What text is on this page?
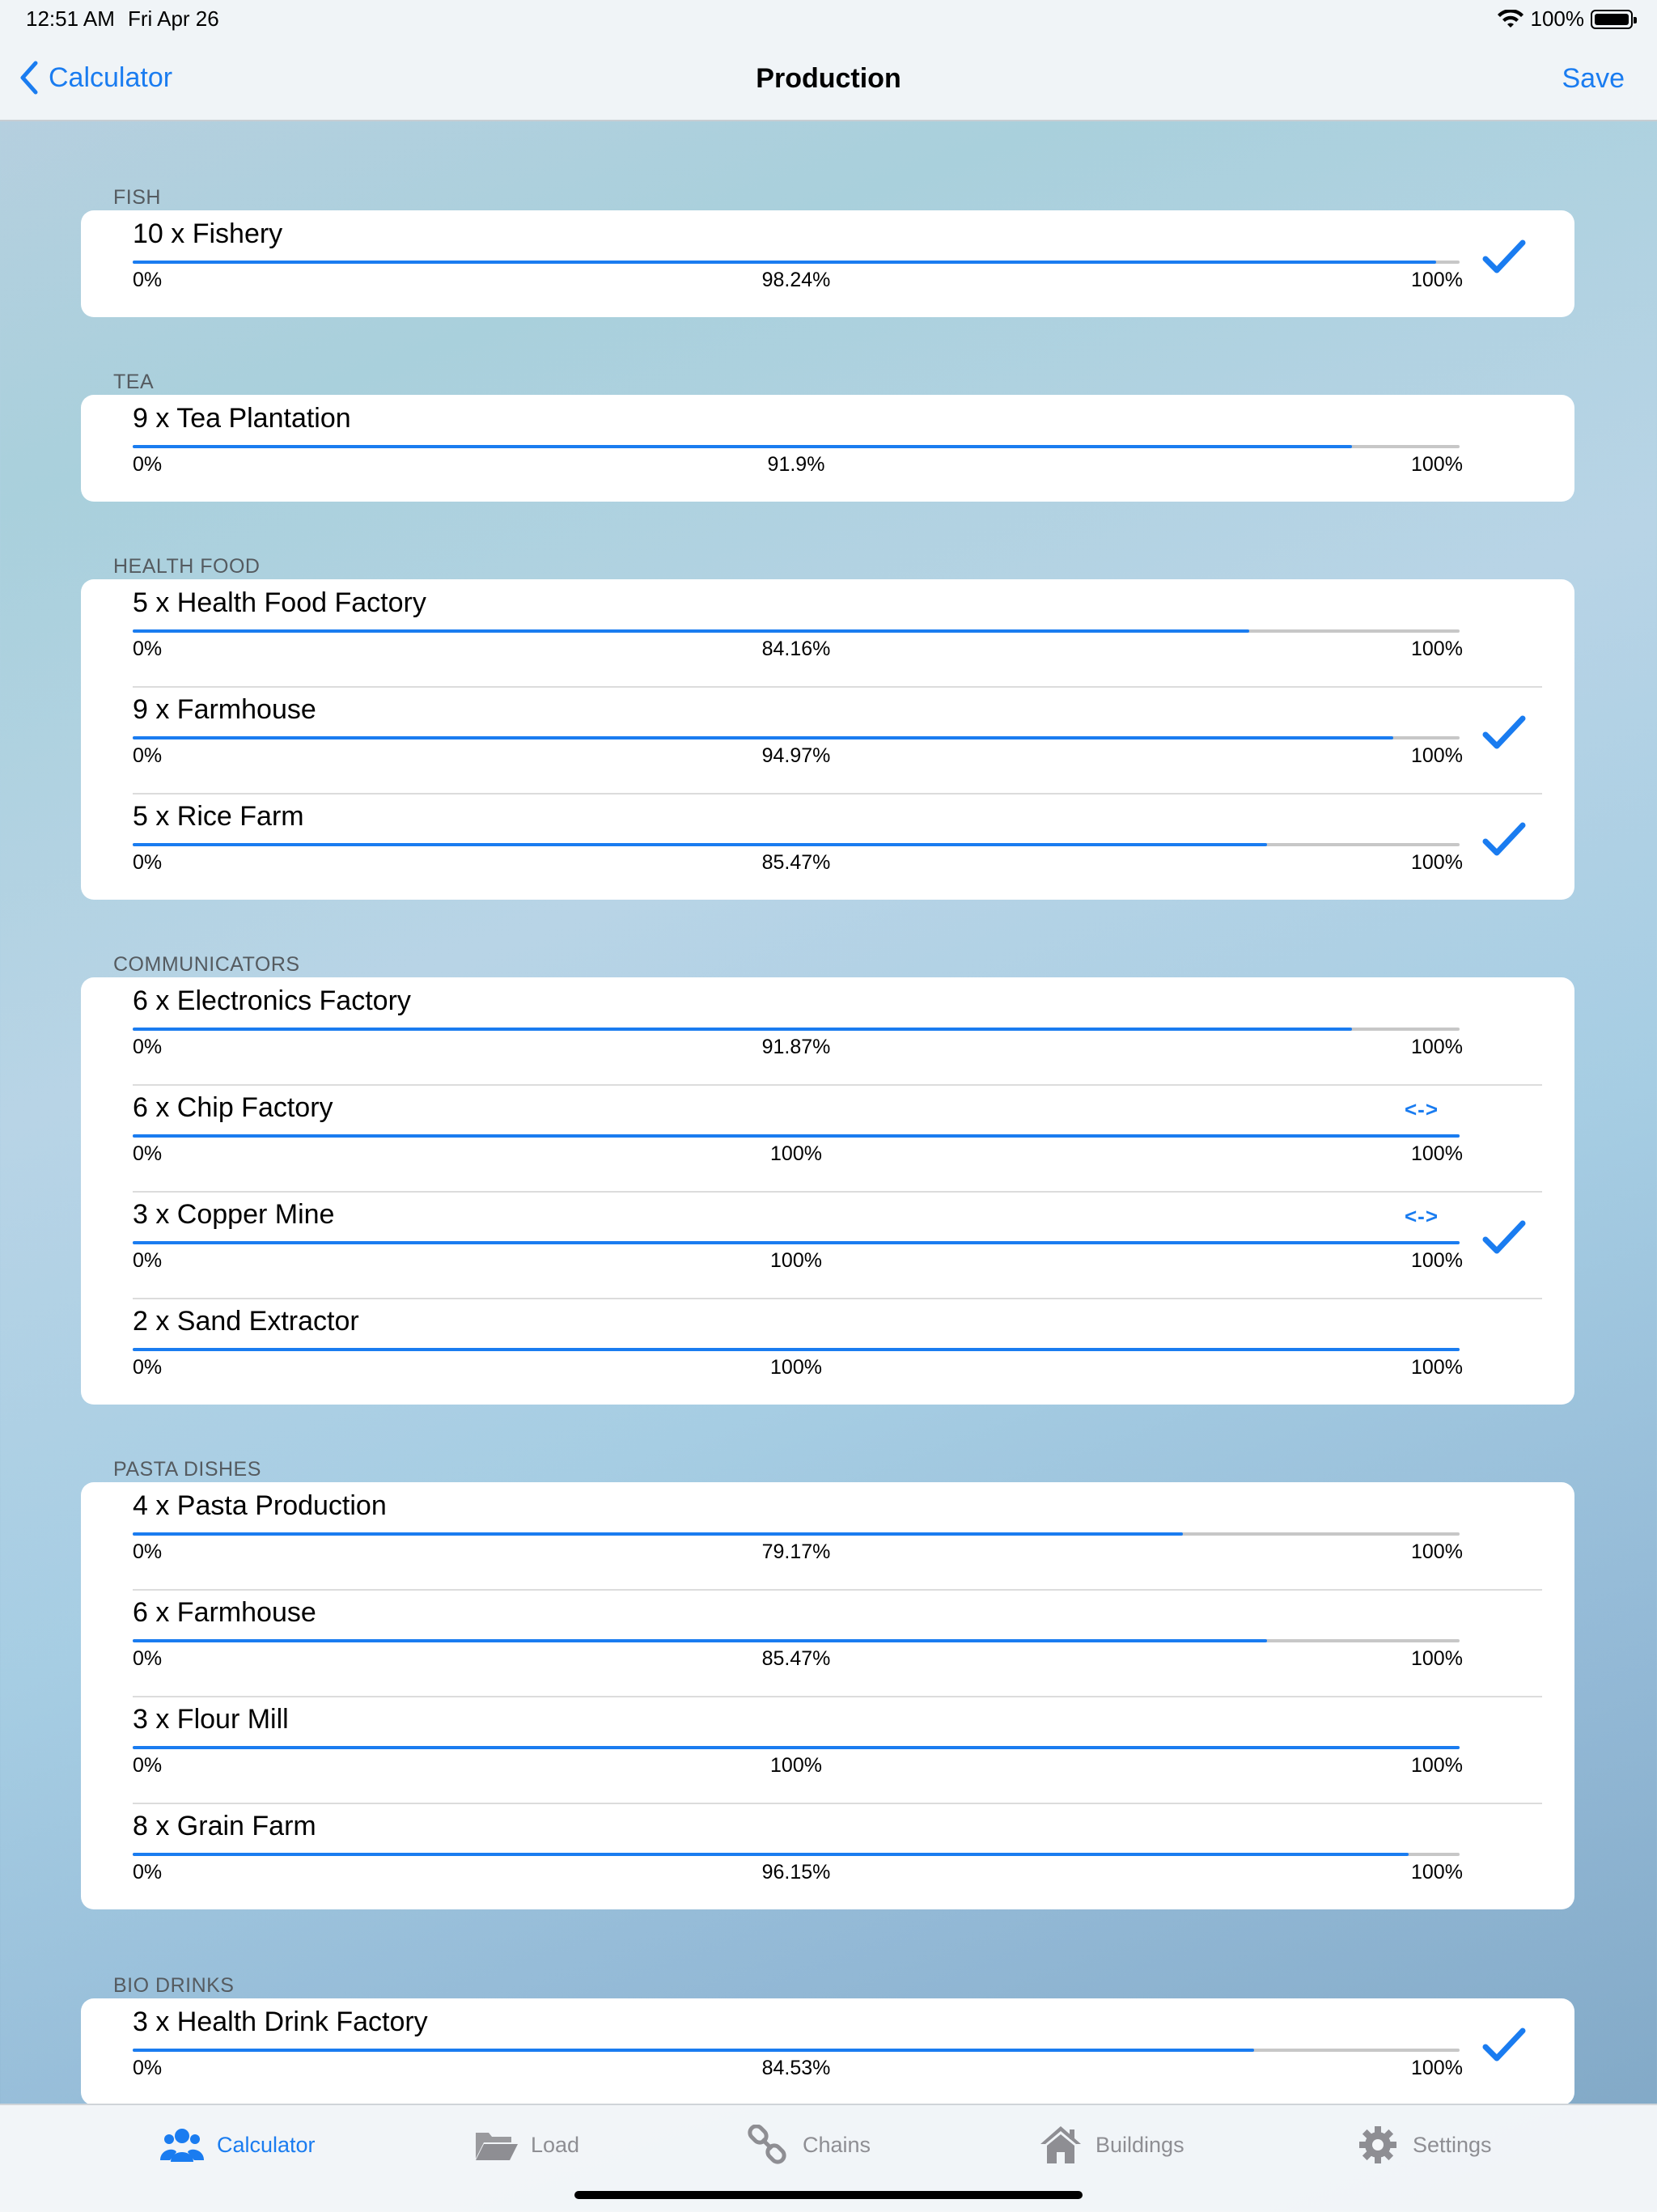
12:51 AM Fri Apr 26	100%
Calculator	Production	Save
FISH
10 x Fishery
0%	98.24%	100%
TEA
9 x Tea Plantation
0%	91.9%	100%
HEALTH FOOD
5 x Health Food Factory
0%	84.16%	100%
9 x Farmhouse
0%	94.97%	100%
5 x Rice Farm
0%	85.47%	100%
COMMUNICATORS
6 x Electronics Factory
0%	91.87%	100%
6 x Chip Factory	<->
0%	100%	100%
3 x Copper Mine	<->
0%	100%	100%
2 x Sand Extractor
0%	100%	100%
PASTA DISHES
4 x Pasta Production
0%	79.17%	100%
6 x Farmhouse
0%	85.47%	100%
3 x Flour Mill
0%	100%	100%
8 x Grain Farm
0%	96.15%	100%
BIO DRINKS
3 x Health Drink Factory
0%	84.53%	100%
Calculator	Load	Chains	Buildings	Settings
